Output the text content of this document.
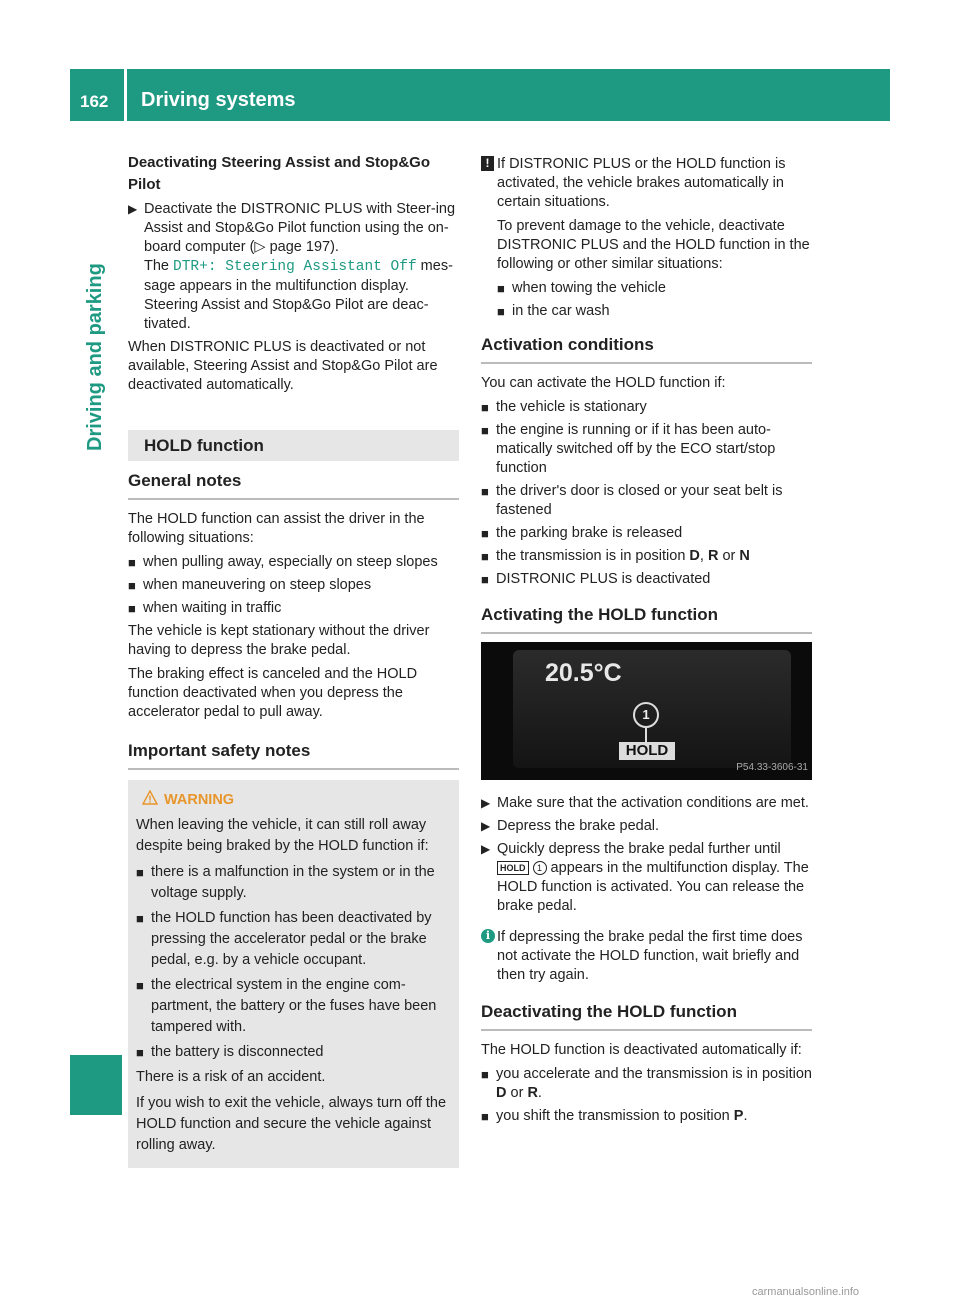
162 Driving systems
Driving and parking
Deactivating Steering Assist and Stop&Go Pilot
▶ Deactivate the DISTRONIC PLUS with Steer-ing Assist and Stop&Go Pilot function using the on-board computer (▷ page 197).
The DTR+: Steering Assistant Off mes-sage appears in the multifunction display. Steering Assist and Stop&Go Pilot are deac-tivated.

When DISTRONIC PLUS is deactivated or not available, Steering Assist and Stop&Go Pilot are deactivated automatically.

HOLD function
General notes

The HOLD function can assist the driver in the following situations:

■ when pulling away, especially on steep slopes
■ when maneuvering on steep slopes
■ when waiting in traffic

The vehicle is kept stationary without the driver having to depress the brake pedal.

The braking effect is canceled and the HOLD function deactivated when you depress the accelerator pedal to pull away.

Important safety notes
WARNING

When leaving the vehicle, it can still roll away despite being braked by the HOLD function if:

■ there is a malfunction in the system or in the voltage supply.
■ the HOLD function has been deactivated by pressing the accelerator pedal or the brake pedal, e.g. by a vehicle occupant.
■ the electrical system in the engine com-partment, the battery or the fuses have been tampered with.
■ the battery is disconnected

There is a risk of an accident.

If you wish to exit the vehicle, always turn off the HOLD function and secure the vehicle against rolling away.

! If DISTRONIC PLUS or the HOLD function is activated, the vehicle brakes automatically in certain situations.

To prevent damage to the vehicle, deactivate DISTRONIC PLUS and the HOLD function in the following or other similar situations:

■ when towing the vehicle
■ in the car wash
Activation conditions

You can activate the HOLD function if:

■ the vehicle is stationary
■ the engine is running or if it has been auto-matically switched off by the ECO start/stop function
■ the driver's door is closed or your seat belt is fastened
■ the parking brake is released
■ the transmission is in position D, R or N
■ DISTRONIC PLUS is deactivated
Activating the HOLD function
20.5°C
1
HOLD
P54.33-3606-31
▶ Make sure that the activation conditions are met.
▶ Depress the brake pedal.
▶ Quickly depress the brake pedal further until HOLD 1 appears in the multifunction display. The HOLD function is activated. You can release the brake pedal.
i If depressing the brake pedal the first time does not activate the HOLD function, wait briefly and then try again.

Deactivating the HOLD function

The HOLD function is deactivated automatically if:

■ you accelerate and the transmission is in position D or R.
■ you shift the transmission to position P.
carmanualsonline.info
